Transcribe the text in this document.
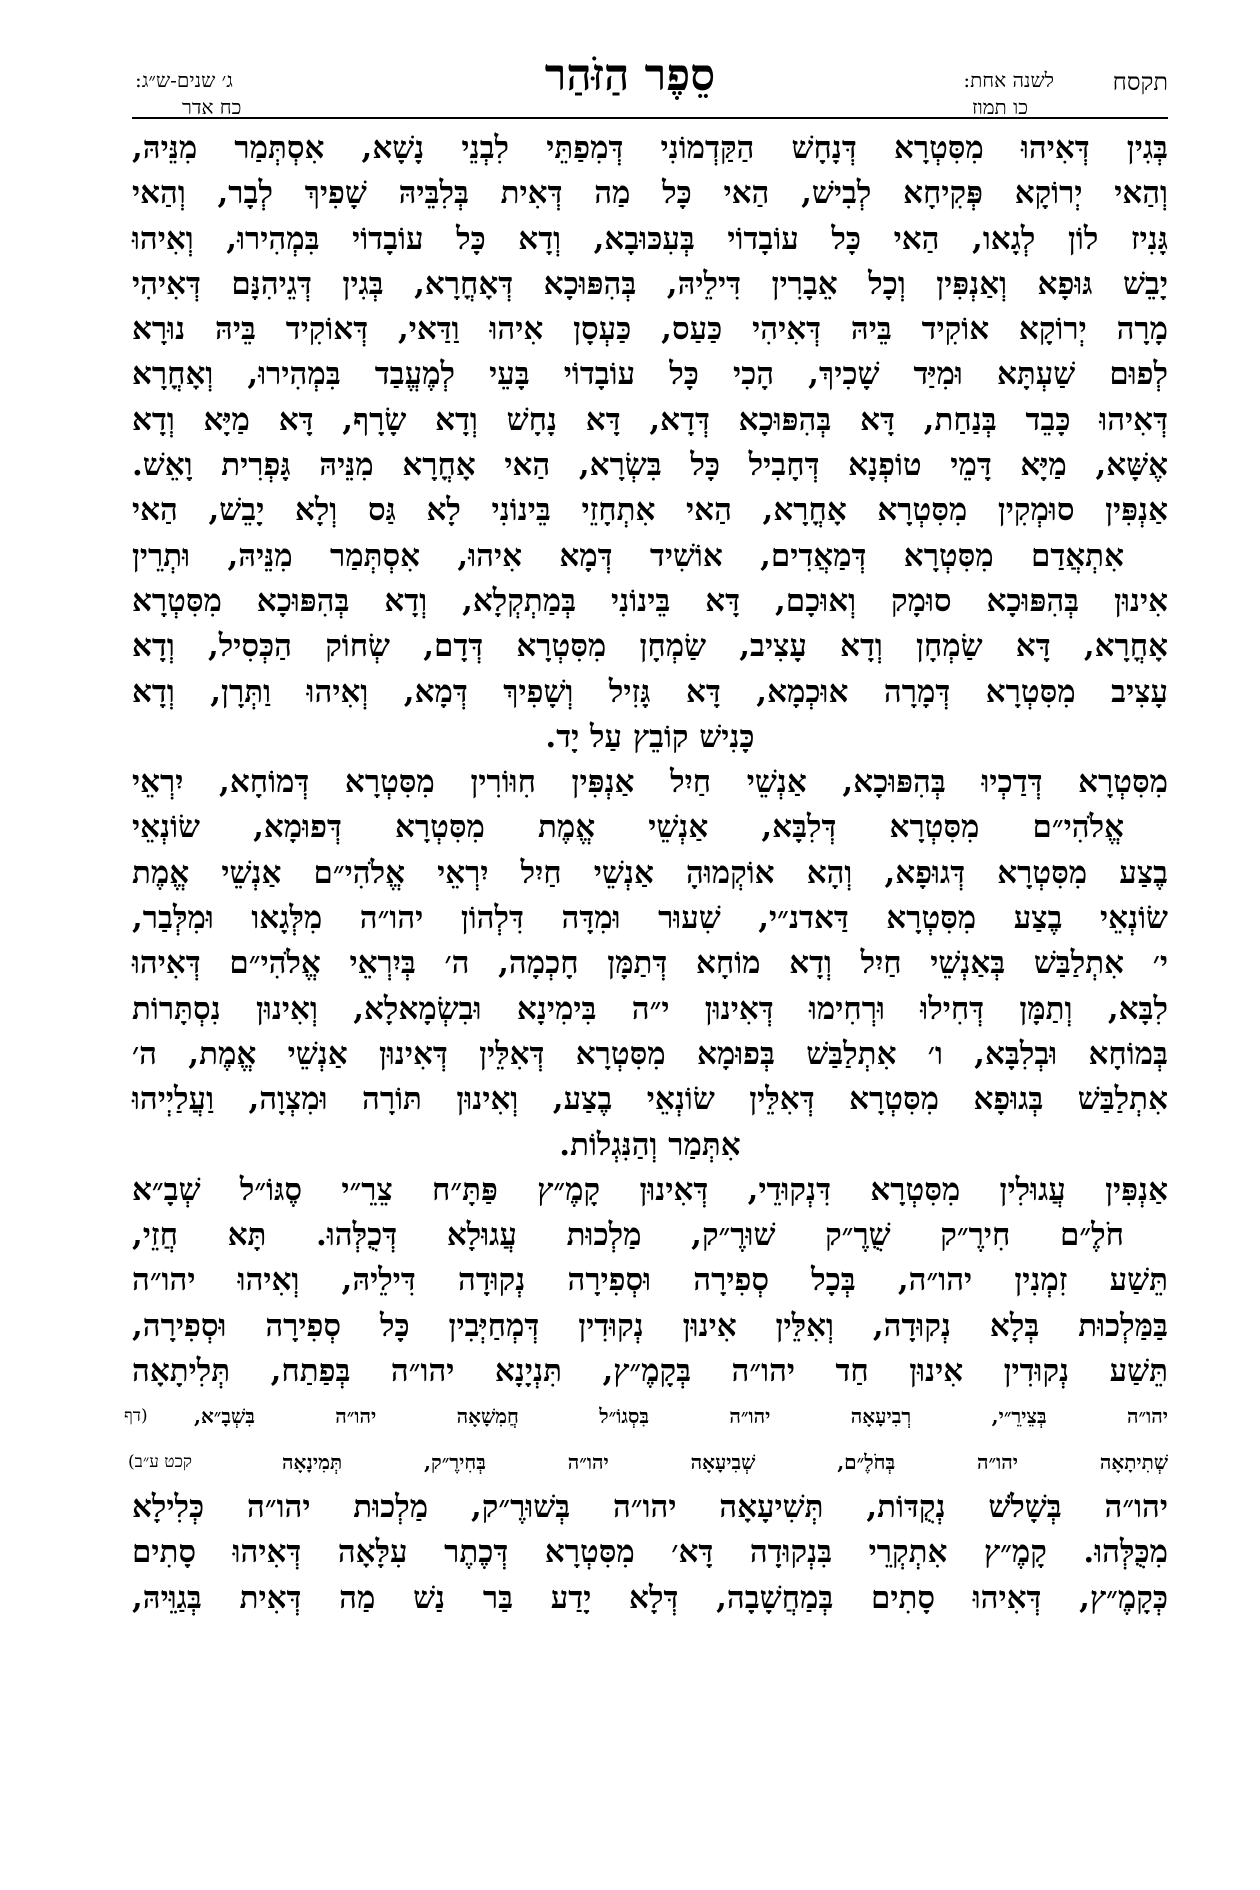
תקסח
לשנה אחת:
כו תמוז
סֵפֶר הַזֹּהַר
ג׳ שנים-ש״ג:
כח אדר
בְּגִין דְּאִיהוּ מִסִּטְרָא דְּנָחָשׁ הַקַּדְמוֹנִי דְּמִפַתֵּי לִבְנֵי נָשָׁא, אִסְתְּמַר מִנֵּיהּ,
וְהַאי יְרוֹקָא פְּקִיחָא לְבִישׁ, הַאי כָּל מַה דְּאִית בְּלִבֵּיהּ שָׁפִיךְ לְבָר, וְהַאי
גָּנִיז לוֹן לְגָאו, הַאי כָּל עוֹבָדוֹי בְּעִכּוּבָא, וְדָא כָּל עוֹבָדוֹי בִּמְהִירוּ, וְאִיהוּ
יָבֵשׁ גּוּפָא וְאַנְפִּין וְכָל אֵבָרִין דִּילֵיהּ, בְּהִפּוּכָא דְּאָחֳרָא, בְּגִין דְּגֵיהִנָּם דְּאִיהִי
מָרָה יְרוֹקָא אוֹקִיד בֵּיהּ דְּאִיהִי כַּעַס, כַּעְסָן אִיהוּ וַדַּאי, דְּאוֹקִיד בֵּיהּ נוּרָא
לְפוּם שַׁעְתָּא וּמִיַּד שָׁכִיךְ, הָכִי כָּל עוֹבָדוֹי בָּעֵי לְמֶעֱבַד בִּמְהִירוּ, וְאָחֳרָא
דְּאִיהוּ כָּבֵד בְּנַחַת, דָּא בְּהִפּוּכָא דְּדָא, דָּא נָחָשׁ וְדָא שָׂרָף, דָּא מַיָּא וְדָא
אֶשָּׁא, מַיָּא דָּמֵי טוֹפְנָא דְּחָבִיל כָּל בִּשְׂרָא, הַאי אָחֳרָא מִנֵּיהּ גָּפְרִית וָאֵשׁ.
אַנְפִּין סוּמְקִין מִסִּטְרָא אָחֳרָא, הַאי אִתְחָזֵי בֵּינוֹנִי לָא גַּס וְלָא יָבֵשׁ, הַאי
אִתְאֲדַם מִסִּטְרָא דְּמַאֲדִים, אוֹשִׁיד דְּמָא אִיהוּ, אִסְתְּמַר מִנֵּיהּ, וּתְרֵין
אִינוּן בְּהִפּוּכָא סוּמָק וְאוּכָם, דָּא בֵּינוֹנִי בְּמַתְקְלָא, וְדָא בְּהִפּוּכָא מִסִּטְרָא
אָחֳרָא, דָּא שַׂמְחָן וְדָא עָצִיב, שַׂמְחָן מִסִּטְרָא דְּדָם, שְׂחוֹק הַכְּסִיל, וְדָא
עָצִיב מִסִּטְרָא דְּמָרָה אוּכְמָא, דָּא גָּזִיל וְשָׁפִיךְ דְּמָא, וְאִיהוּ וַתְּרָן, וְדָא
כָּנִישׁ קוֹבֵץ עַל יָד.
מִסִּטְרָא דְּדַכְיוּ בְּהִפּוּכָא, אַנְשֵׁי חַיִל אַנְפִּין חִוּוֹרִין מִסִּטְרָא דְּמוֹחָא, יִרְאֵי
אֱלֹהִי״ם מִסִּטְרָא דְּלִבָּא, אַנְשֵׁי אֱמֶת מִסִּטְרָא דְּפוּמָא, שׂוֹנְאֵי
בֶצַע מִסִּטְרָא דְּגוּפָא, וְהָא אוֹקְמוּהָ אַנְשֵׁי חַיִל יִרְאֵי אֱלֹהִי״ם אַנְשֵׁי אֱמֶת
שׂוֹנְאֵי בֶצַע מִסִּטְרָא דַּאדנ״י, שִׁעוּר וּמִדָּה דִּלְהוֹן יהו״ה מִלְּגָאו וּמִלְּבַר,
י׳ אִתְלַבַּשׁ בְּאַנְשֵׁי חַיִל וְדָא מוֹחָא דְּתַמָּן חָכְמָה, ה׳ בְּיִרְאֵי אֱלֹהִי״ם דְּאִיהוּ
לִבָּא, וְתַמָּן דְּחִילוּ וּרְחִימוּ דְּאִינוּן י״ה בִּימִינָא וּבִשְׂמָאלָא, וְאִינוּן נִסְתָּרוֹת
בְּמוֹחָא וּבְלִבָּא, ו׳ אִתְלַבַּשׁ בְּפוּמָא מִסִּטְרָא דְּאִלֵּין דְּאִינוּן אַנְשֵׁי אֱמֶת, ה׳
אִתְלַבַּשׁ בְּגוּפָא מִסִּטְרָא דְּאִלֵּין שׂוֹנְאֵי בֶצַע, וְאִינוּן תּוֹרָה וּמִצְוָה, וַעֲלַיְיהוּ
אִתְּמַר וְהַנִּגְלוֹת.
אַנְפִּין עֲגוּלִין מִסִּטְרָא דִּנְקוּדֵי, דְּאִינוּן קָמֶ״ץ פַּתָּ״ח צֵרֵ״י סֶגּוֹ״ל שְׁבָ״א
חֹלֶ״ם חִירֶ״ק שֻׁרֶ״ק שׁוּרֶ״ק, מַלְכוּת עֲגוּלָא דְּכֻלְּהוּ. תָּא חֲזֵי,
תֵּשַׁע זִמְנִין יהו״ה, בְּכָל סְפִירָה וּסְפִירָה נְקוּדָה דִּילֵיהּ, וְאִיהוּ יהו״ה
בַּמַּלְכוּת בְּלָא נְקוּדָה, וְאִלֵּין אִינוּן נְקוּדִין דְּמְחַיְּבִין כָּל סְפִירָה וּסְפִירָה,
תֵּשַׁע נְקוּדִין אִינוּן חַד יהו״ה בְּקָמֶ״ץ, תִּנְיָנָא יהו״ה בְּפַתַח, תְּלִיתָאָה
יהו״ה בְּצֵירֵ״י, רְבִיעָאָה יהו״ה בִּסְגוֹ״ל חֲמִשָׁאָה יהו״ה בִּשְׁבָ״א,
(דף
שְׁתִיתָאָה יהו״ה בְּחֹלֶ״ם, שְׁבִיעָאָה יהו״ה בְּחִירֶ״ק, תְּמִינָאָה
קכט ע״ב)
יהו״ה בְּשָׁלֹשׁ נְקֻדּוֹת, תְּשִׁיעָאָה יהו״ה בְּשׁוּרֶ״ק, מַלְכוּת יהו״ה כְּלִילָא
מִכֻּלְּהוּ. קָמֶ״ץ אִתְקְרֵי בִּנְקוּדָה דָּא׳ מִסִּטְרָא דְּכֶתֶר עִלָּאָה דְּאִיהוּ סָתִים
כְּקָמֶ״ץ, דְּאִיהוּ סָתִים בְּמַחֲשָׁבָה, דְּלָא יָדַע בַּר נַשׁ מַה דְּאִית בְּגַוֵּיהּ,
